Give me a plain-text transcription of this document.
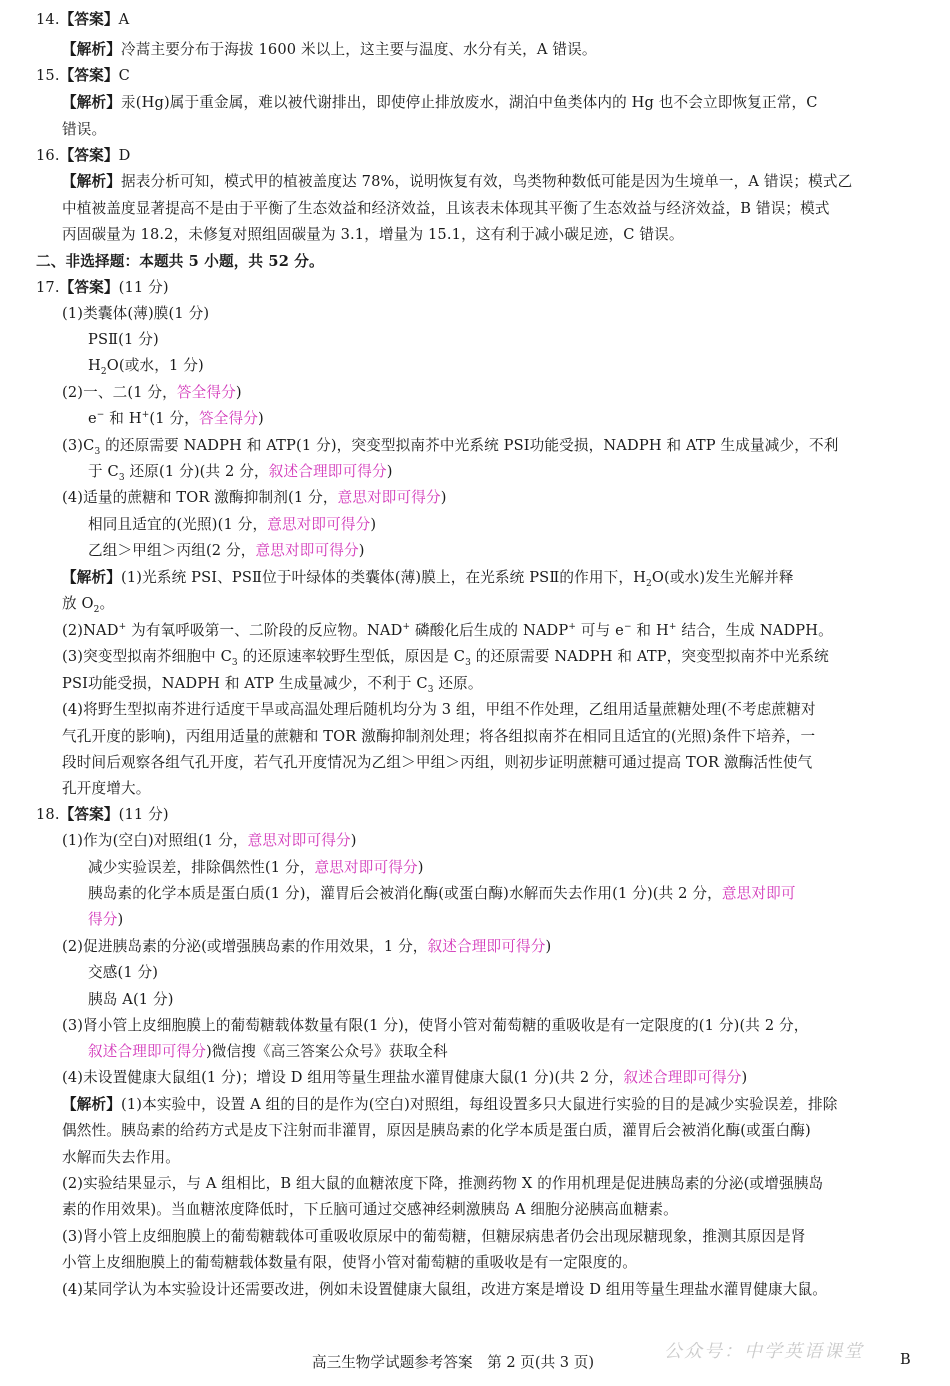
14.【答案】A
【解析】冷蒿主要分布于海拔 1600 米以上，这主要与温度、水分有关，A 错误。
15.【答案】C
【解析】汞(Hg)属于重金属，难以被代谢排出，即使停止排放废水，湖泊中鱼类体内的 Hg 也不会立即恢复正常，C
错误。
16.【答案】D
【解析】据表分析可知，模式甲的植被盖度达 78%，说明恢复有效，鸟类物种数低可能是因为生境单一，A 错误；模式乙
中植被盖度显著提高不是由于平衡了生态效益和经济效益，且该表未体现其平衡了生态效益与经济效益，B 错误；模式
丙固碳量为 18.2，未修复对照组固碳量为 3.1，增量为 15.1，这有利于减小碳足迹，C 错误。
二、非选择题：本题共 5 小题，共 52 分。
17.【答案】(11 分)
(1)类囊体(薄)膜(1 分)
PSⅡ(1 分)
$H_2O$(或水，1 分)
(2)一、二(1 分，答全得分)
e− 和 H+(1 分，答全得分)
$(3)C_3$ 的还原需要 NADPH 和 ATP(1 分)，突变型拟南芥中光系统 PSⅠ功能受损，NADPH 和 ATP 生成量减少，不利
于 $C_3$ 还原(1 分)(共 2 分，叙述合理即可得分)
(4)适量的蔗糖和 TOR 激酶抑制剂(1 分，意思对即可得分)
相同且适宜的(光照)(1 分，意思对即可得分)
乙组＞甲组＞丙组(2 分，意思对即可得分)
【解析】(1)光系统 PSⅠ、PSⅡ位于叶绿体的类囊体(薄)膜上，在光系统 PSⅡ的作用下，$H_2O$(或水)发生光解并释
放 $O_2$。
(2)NAD+ 为有氧呼吸第一、二阶段的反应物。NAD+ 磷酸化后生成的 NADP+ 可与 e− 和 H+ 结合，生成 NADPH。
(3)突变型拟南芥细胞中 $C_3$ 的还原速率较野生型低，原因是 $C_3$ 的还原需要 NADPH 和 ATP，突变型拟南芥中光系统
PSⅠ功能受损，NADPH 和 ATP 生成量减少，不利于 $C_3$ 还原。
(4)将野生型拟南芥进行适度干旱或高温处理后随机均分为 3 组，甲组不作处理，乙组用适量蔗糖处理(不考虑蔗糖对
气孔开度的影响)，丙组用适量的蔗糖和 TOR 激酶抑制剂处理；将各组拟南芥在相同且适宜的(光照)条件下培养，一
段时间后观察各组气孔开度，若气孔开度情况为乙组＞甲组＞丙组，则初步证明蔗糖可通过提高 TOR 激酶活性使气
孔开度增大。
18.【答案】(11 分)
(1)作为(空白)对照组(1 分，意思对即可得分)
减少实验误差，排除偶然性(1 分，意思对即可得分)
胰岛素的化学本质是蛋白质(1 分)，灌胃后会被消化酶(或蛋白酶)水解而失去作用(1 分)(共 2 分，意思对即可
得分)
(2)促进胰岛素的分泌(或增强胰岛素的作用效果，1 分，叙述合理即可得分)
交感(1 分)
胰岛 A(1 分)
(3)肾小管上皮细胞膜上的葡萄糖载体数量有限(1 分)，使肾小管对葡萄糖的重吸收是有一定限度的(1 分)(共 2 分，
叙述合理即可得分)微信搜《高三答案公众号》获取全科
(4)未设置健康大鼠组(1 分)；增设 D 组用等量生理盐水灌胃健康大鼠(1 分)(共 2 分，叙述合理即可得分)
【解析】(1)本实验中，设置 A 组的目的是作为(空白)对照组，每组设置多只大鼠进行实验的目的是减少实验误差，排除
偶然性。胰岛素的给药方式是皮下注射而非灌胃，原因是胰岛素的化学本质是蛋白质，灌胃后会被消化酶(或蛋白酶)
水解而失去作用。
(2)实验结果显示，与 A 组相比，B 组大鼠的血糖浓度下降，推测药物 X 的作用机理是促进胰岛素的分泌(或增强胰岛
素的作用效果)。当血糖浓度降低时，下丘脑可通过交感神经刺激胰岛 A 细胞分泌胰高血糖素。
(3)肾小管上皮细胞膜上的葡萄糖载体可重吸收原尿中的葡萄糖，但糖尿病患者仍会出现尿糖现象，推测其原因是肾
小管上皮细胞膜上的葡萄糖载体数量有限，使肾小管对葡萄糖的重吸收是有一定限度的。
(4)某同学认为本实验设计还需要改进，例如未设置健康大鼠组，改进方案是增设 D 组用等量生理盐水灌胃健康大鼠。
高三生物学试题参考答案　第 2 页(共 3 页)
公众号：中学英语课堂 B
